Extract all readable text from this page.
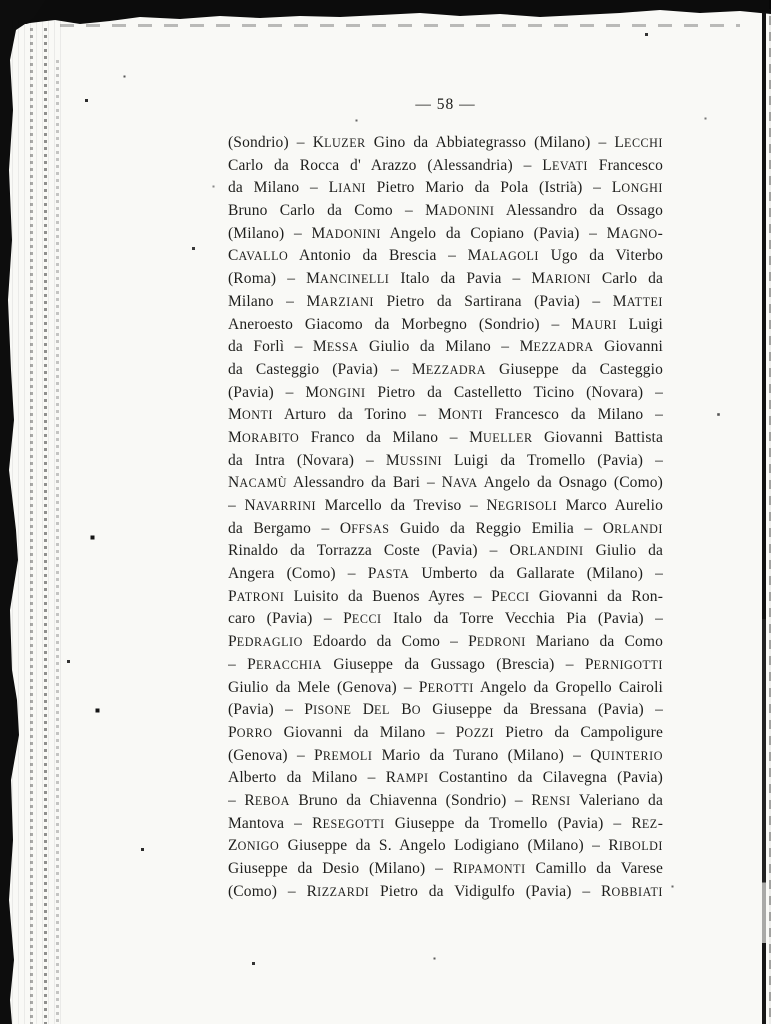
— 58 —
(Sondrio) – KLUZER Gino da Abbiategrasso (Milano) – LECCHI
Carlo da Rocca d' Arazzo (Alessandria) – LEVATI Francesco
da Milano – LIANI Pietro Mario da Pola (Istria) – LONGHI
Bruno Carlo da Como – MADONINI Alessandro da Ossago
(Milano) – MADONINI Angelo da Copiano (Pavia) – MAGNO-
CAVALLO Antonio da Brescia – MALAGOLI Ugo da Viterbo
(Roma) – MANCINELLI Italo da Pavia – MARIONI Carlo da
Milano – MARZIANI Pietro da Sartirana (Pavia) – MATTEI
Aneroesto Giacomo da Morbegno (Sondrio) – MAURI Luigi
da Forlì – MESSA Giulio da Milano – MEZZADRA Giovanni
da Casteggio (Pavia) – MEZZADRA Giuseppe da Casteggio
(Pavia) – MONGINI Pietro da Castelletto Ticino (Novara) –
MONTI Arturo da Torino – MONTI Francesco da Milano –
MORABITO Franco da Milano – MUELLER Giovanni Battista
da Intra (Novara) – MUSSINI Luigi da Tromello (Pavia) –
NACAMÙ Alessandro da Bari – NAVA Angelo da Osnago (Como)
– NAVARRINI Marcello da Treviso – NEGRISOLI Marco Aurelio
da Bergamo – OFFSAS Guido da Reggio Emilia – ORLANDI
Rinaldo da Torrazza Coste (Pavia) – ORLANDINI Giulio da
Angera (Como) – PASTA Umberto da Gallarate (Milano) –
PATRONI Luisito da Buenos Ayres – PECCI Giovanni da Ron-
caro (Pavia) – PECCI Italo da Torre Vecchia Pia (Pavia) –
PEDRAGLIO Edoardo da Como – PEDRONI Mariano da Como
– PERACCHIA Giuseppe da Gussago (Brescia) – PERNIGOTTI
Giulio da Mele (Genova) – PEROTTI Angelo da Gropello Cairoli
(Pavia) – PISONE DEL BO Giuseppe da Bressana (Pavia) –
PORRO Giovanni da Milano – POZZI Pietro da Campoligure
(Genova) – PREMOLI Mario da Turano (Milano) – QUINTERIO
Alberto da Milano – RAMPI Costantino da Cilavegna (Pavia)
– REBOA Bruno da Chiavenna (Sondrio) – RENSI Valeriano da
Mantova – RESEGOTTI Giuseppe da Tromello (Pavia) – REZ-
ZONIGO Giuseppe da S. Angelo Lodigiano (Milano) – RIBOLDI
Giuseppe da Desio (Milano) – RIPAMONTI Camillo da Varese
(Como) – RIZZARDI Pietro da Vidigulfo (Pavia) – ROBBIATI
